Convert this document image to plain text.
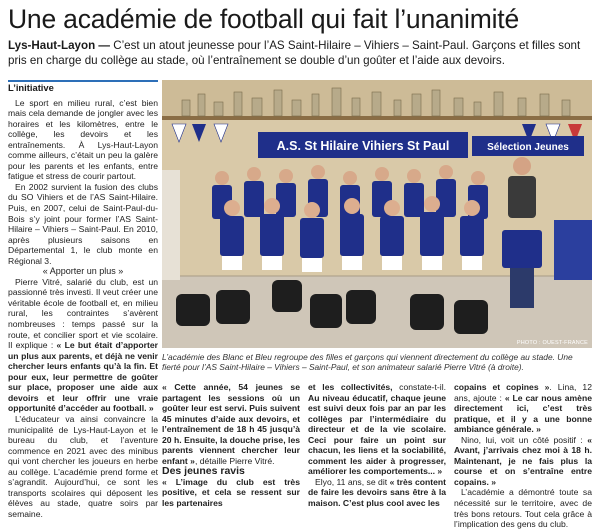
Une académie de football qui fait l’unanimité
Lys-Haut-Layon — C’est un atout jeunesse pour l’AS Saint-Hilaire – Vihiers – Saint-Paul. Garçons et filles sont pris en charge du collège au stade, où l’entraînement se double d’un goûter et l’aide aux devoirs.
L’initiative

Le sport en milieu rural, c’est bien mais cela demande de jongler avec les horaires et les kilomètres, entre le collège, les devoirs et les entraînements. À Lys-Haut-Layon comme ailleurs, c’était un peu la galère pour les parents et les enfants, entre fatigue et stress de courir partout.

En 2002 survient la fusion des clubs du SO Vihiers et de l’AS Saint-Hilaire. Puis, en 2007, celui de Saint-Paul-du-Bois s’y joint pour former l’AS Saint-Hilaire – Vihiers – Saint-Paul. En 2010, après plusieurs saisons en Départemental 1, le club monte en Régional 3.

« Apporter un plus »

Pierre Vitré, salarié du club, est un passionné très investi. Il veut créer une véritable école de football et, en milieu rural, les contraintes s’avèrent nombreuses : temps passé sur la route, et concilier sport et vie scolaire. Il explique : « Le but était d’apporter un plus aux parents, et déjà ne venir chercher leurs enfants qu’à la fin. Et pour eux, leur permettre de goûter sur place, proposer une aide aux devoirs et leur offrir une vraie opportunité d’accéder au football. »

L’éducateur va ainsi convaincre la municipalité de Lys-Haut-Layon et le bureau du club, et l’aventure commence en 2021 avec des minibus qui vont chercher les joueurs en herbe au collège. L’académie prend forme et s’agrandit. Aujourd’hui, ce sont les transports scolaires qui déposent les élèves au stade, quatre soirs par semaine.

A.S. St Hilaire Vihiers St Paul	Sélection Jeunes
PHOTO : OUEST-FRANCE
L’académie des Blanc et Bleu regroupe des filles et garçons qui viennent directement du collège au stade. Une fierté pour l’AS Saint-Hilaire – Vihiers – Saint-Paul, et son animateur salarié Pierre Vitré (à droite).

« Cette année, 54 jeunes se partagent les sessions où un goûter leur est servi. Puis suivent 45 minutes d’aide aux devoirs, et l’entraînement de 18 h 45 jusqu’à 20 h. Ensuite, la douche prise, les parents viennent chercher leur enfant », détaille Pierre Vitré.

Des jeunes ravis

« L’image du club est très positive, et cela se ressent sur les partenaires

et les collectivités, constate-t-il. Au niveau éducatif, chaque jeune est suivi deux fois par an par les collèges par l’intermédiaire du directeur et de la vie scolaire. Ceci pour faire un point sur chacun, les liens et la sociabilité, comment les aider à progresser, améliorer les comportements... »

Elyo, 11 ans, se dit « très content de faire les devoirs sans être à la maison. C’est plus cool avec les

copains et copines ». Lina, 12 ans, ajoute : « Le car nous amène directement ici, c’est très pratique, et il y a une bonne ambiance générale. »

Nino, lui, voit un côté positif : « Avant, j’arrivais chez moi à 18 h. Maintenant, je ne fais plus la course et on s’entraîne entre copains. »

L’académie a démontré toute sa nécessité sur le territoire, avec de très bons retours. Tout cela grâce à l’implication des gens du club.
